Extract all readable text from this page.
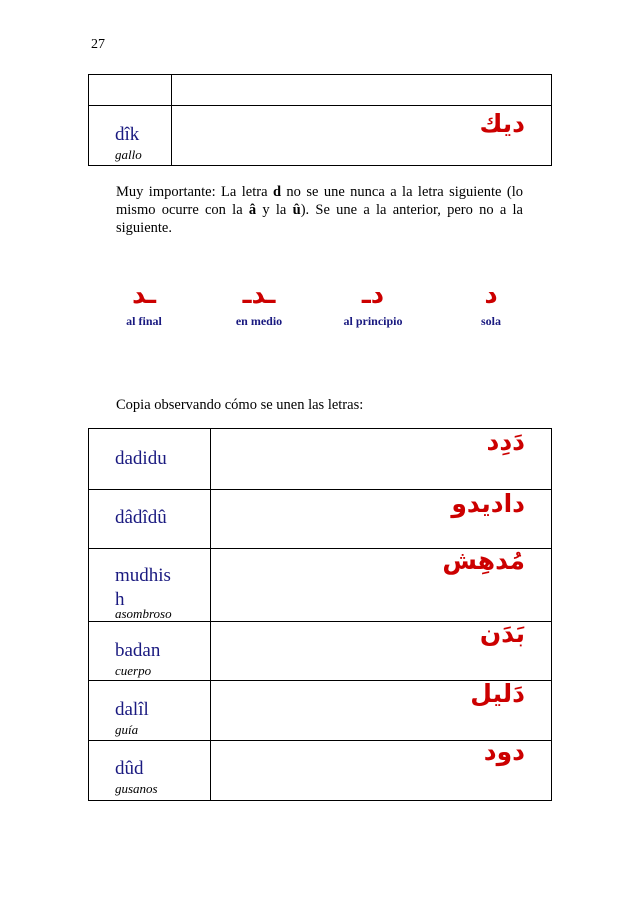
27
dîk
gallo
ديك
Muy importante: La letra d no se une nunca a la letra siguiente (lo mismo ocurre con la â y la û). Se une a la anterior, pero no a la siguiente.
ـد
al final
ـدـ
en medio
دـ
al principio
د
sola
Copia observando cómo se unen las letras:
dadidu
دَدِد
dâdîdû	داديدو
mudhish
asombroso
مُدهِش
badan
cuerpo
بَدَن
dalîl
guía
دَليل
dûd
gusanos
دود
